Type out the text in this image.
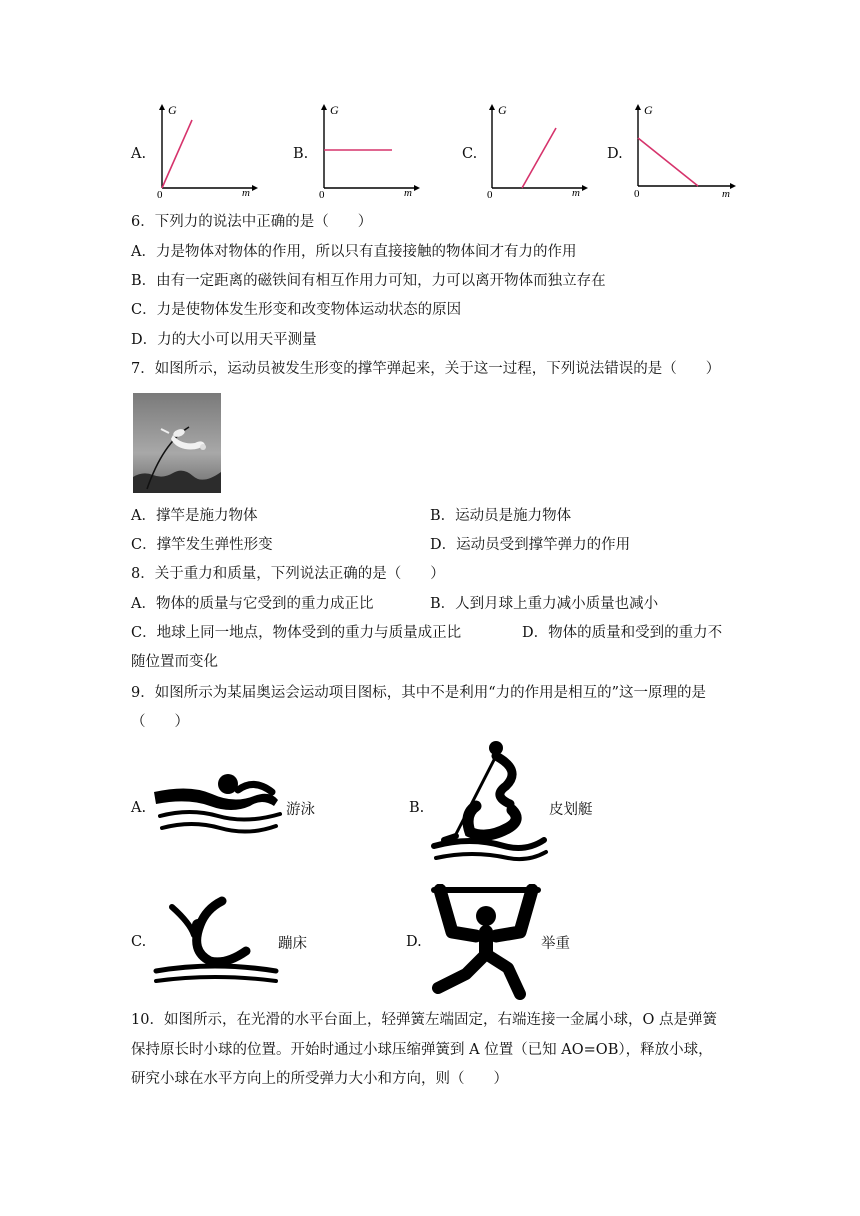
A.
G
m
0
B.
G
m
0
C.
G
m
0
D.
G
m
0
6．下列力的说法中正确的是（　　）
A．力是物体对物体的作用，所以只有直接接触的物体间才有力的作用
B．由有一定距离的磁铁间有相互作用力可知，力可以离开物体而独立存在
C．力是使物体发生形变和改变物体运动状态的原因
D．力的大小可以用天平测量
7．如图所示，运动员被发生形变的撑竿弹起来，关于这一过程，下列说法错误的是（　　）
A．撑竿是施力物体	B．运动员是施力物体
C．撑竿发生弹性形变	D．运动员受到撑竿弹力的作用
8．关于重力和质量，下列说法正确的是（　　）
A．物体的质量与它受到的重力成正比	B．人到月球上重力减小质量也减小
C．地球上同一地点，物体受到的重力与质量成正比	D．物体的质量和受到的重力不
随位置而变化
9．如图所示为某届奥运会运动项目图标，其中不是利用“力的作用是相互的”这一原理的是
（　　）
A.	游泳	B.	皮划艇
C.	蹦床	D.	举重
10．如图所示，在光滑的水平台面上，轻弹簧左端固定，右端连接一金属小球，O 点是弹簧
保持原长时小球的位置。开始时通过小球压缩弹簧到 A 位置（已知 AO=OB），释放小球，
研究小球在水平方向上的所受弹力大小和方向，则（　　）
